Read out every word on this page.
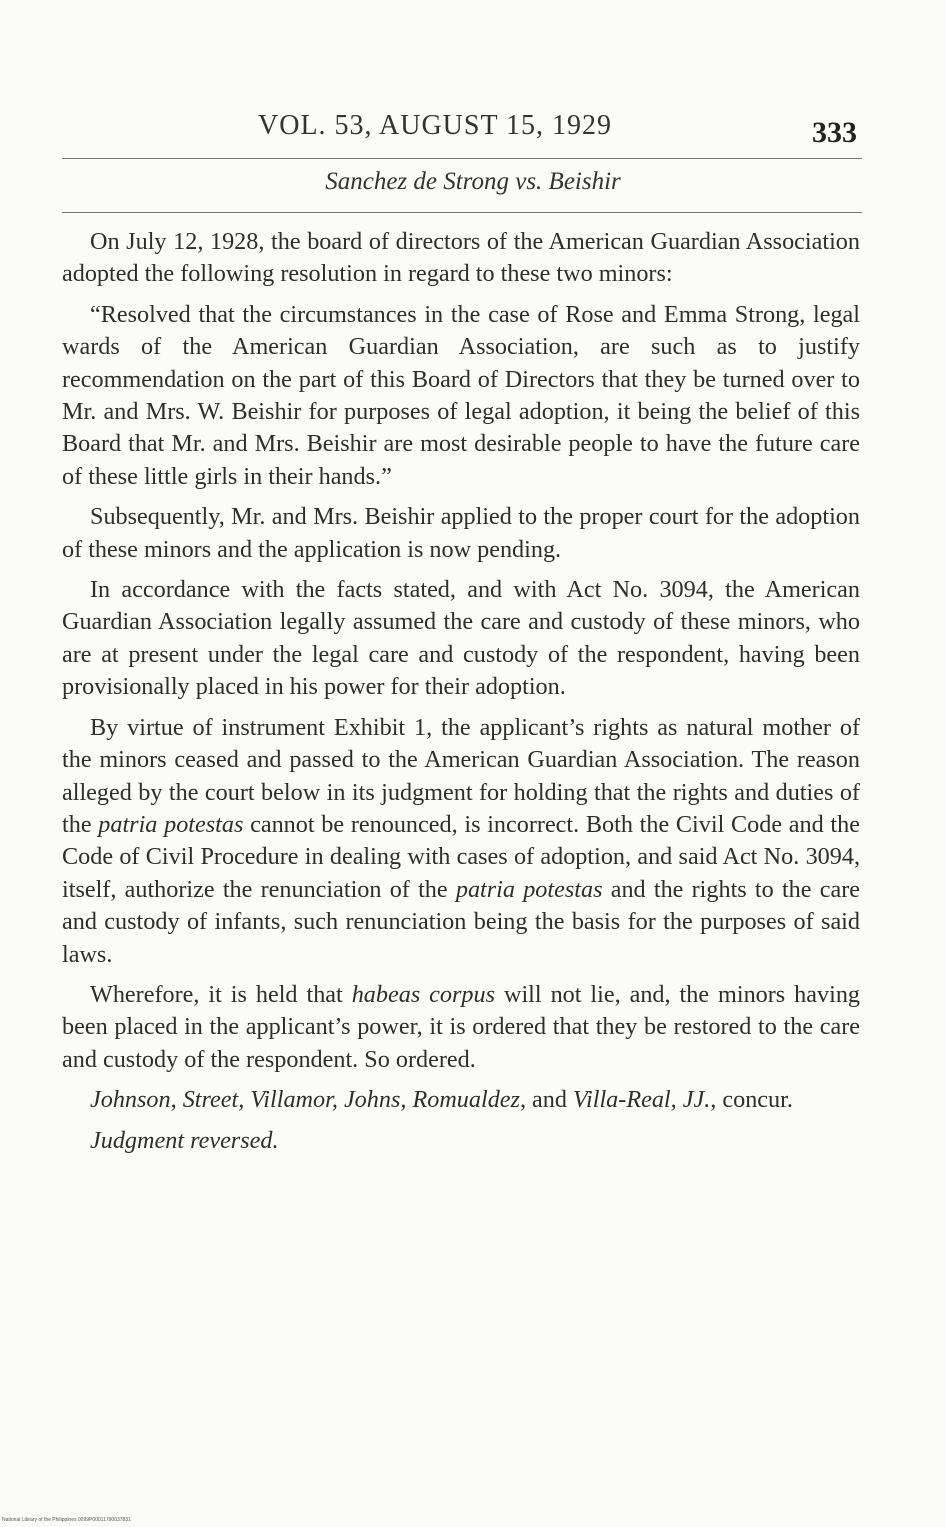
VOL. 53, AUGUST 15, 1929	333
Sanchez de Strong vs. Beishir

On July 12, 1928, the board of directors of the American Guardian Association adopted the following resolution in regard to these two minors:

“Resolved that the circumstances in the case of Rose and Emma Strong, legal wards of the American Guardian Association, are such as to justify recommendation on the part of this Board of Directors that they be turned over to Mr. and Mrs. W. Beishir for purposes of legal adoption, it being the belief of this Board that Mr. and Mrs. Beishir are most desirable people to have the future care of these little girls in their hands.”

Subsequently, Mr. and Mrs. Beishir applied to the proper court for the adoption of these minors and the application is now pending.

In accordance with the facts stated, and with Act No. 3094, the American Guardian Association legally assumed the care and custody of these minors, who are at present under the legal care and custody of the respondent, having been provisionally placed in his power for their adoption.

By virtue of instrument Exhibit 1, the applicant’s rights as natural mother of the minors ceased and passed to the American Guardian Association. The reason alleged by the court below in its judgment for holding that the rights and duties of the patria potestas cannot be renounced, is incorrect. Both the Civil Code and the Code of Civil Procedure in dealing with cases of adoption, and said Act No. 3094, itself, authorize the renunciation of the patria potestas and the rights to the care and custody of infants, such renunciation being the basis for the purposes of said laws.

Wherefore, it is held that habeas corpus will not lie, and, the minors having been placed in the applicant’s power, it is ordered that they be restored to the care and custody of the respondent. So ordered.

Johnson, Street, Villamor, Johns, Romualdez, and Villa-Real, JJ., concur.

Judgment reversed.

National Library of the Philippines 0099P00011790037831
